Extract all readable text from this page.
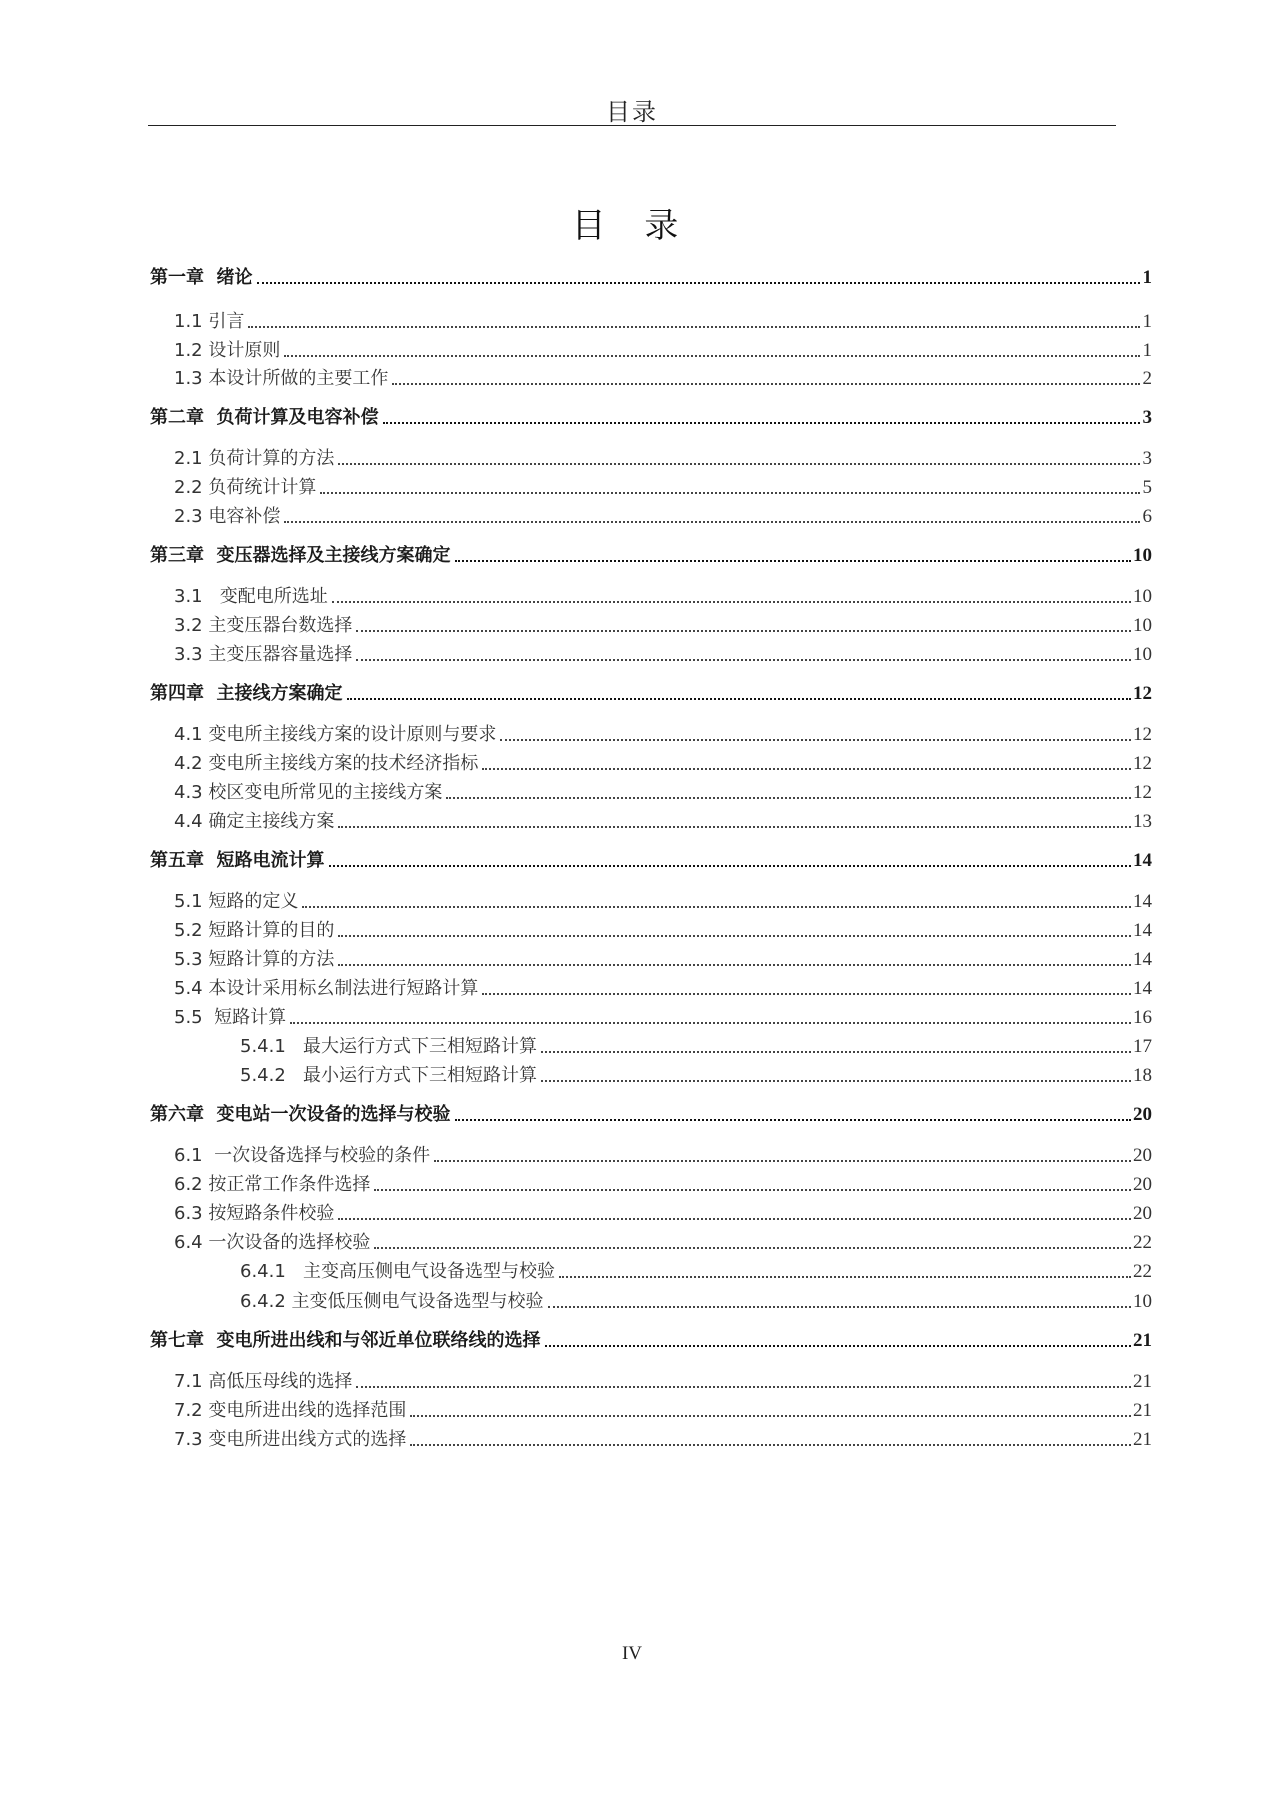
目录
目 录
第一章  绪论	1
1.1 引言	1
1.2 设计原则	1
1.3 本设计所做的主要工作	2
第二章  负荷计算及电容补偿	3
2.1 负荷计算的方法	3
2.2 负荷统计计算	5
2.3 电容补偿	6
第三章  变压器选择及主接线方案确定	10
3.1   变配电所选址	10
3.2 主变压器台数选择	10
3.3 主变压器容量选择	10
第四章  主接线方案确定	12
4.1 变电所主接线方案的设计原则与要求	12
4.2 变电所主接线方案的技术经济指标	12
4.3 校区变电所常见的主接线方案	12
4.4 确定主接线方案	13
第五章  短路电流计算	14
5.1 短路的定义	14
5.2 短路计算的目的	14
5.3 短路计算的方法	14
5.4 本设计采用标幺制法进行短路计算	14
5.5  短路计算	16
5.4.1   最大运行方式下三相短路计算	17
5.4.2   最小运行方式下三相短路计算	18
第六章  变电站一次设备的选择与校验	20
6.1  一次设备选择与校验的条件	20
6.2 按正常工作条件选择	20
6.3 按短路条件校验	20
6.4 一次设备的选择校验	22
6.4.1   主变高压侧电气设备选型与校验	22
6.4.2 主变低压侧电气设备选型与校验	10
第七章  变电所进出线和与邻近单位联络线的选择	21
7.1 高低压母线的选择	21
7.2 变电所进出线的选择范围	21
7.3 变电所进出线方式的选择	21
IV
